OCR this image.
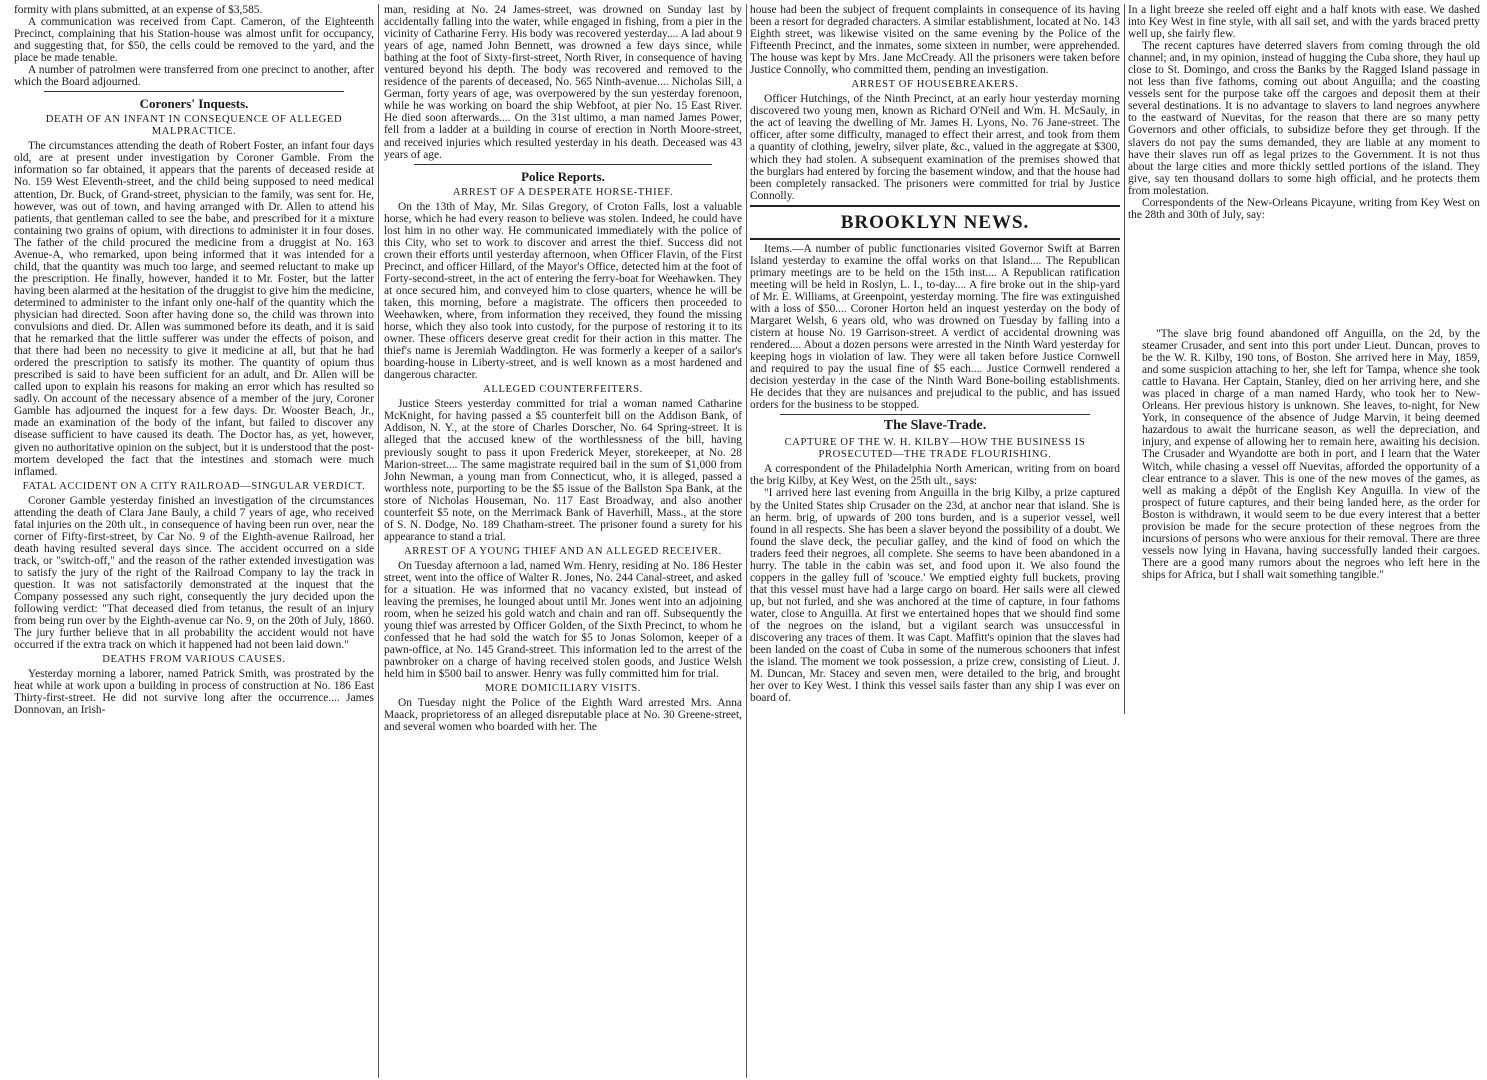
formity with plans submitted, at an expense of $3,585.

A communication was received from Capt. Cameron, of the Eighteenth Precinct, complaining that his Station-house was almost unfit for occupancy, and suggesting that, for $50, the cells could be removed to the yard, and the place be made tenable.

A number of patrolmen were transferred from one precinct to another, after which the Board adjourned.

Coroners' Inquests.
DEATH OF AN INFANT IN CONSEQUENCE OF ALLEGED MALPRACTICE.

The circumstances attending the death of Robert Foster, an infant four days old, are at present under investigation by Coroner Gamble. From the information so far obtained, it appears that the parents of deceased reside at No. 159 West Eleventh-street, and the child being supposed to need medical attention, Dr. Buck, of Grand-street, physician to the family, was sent for. He, however, was out of town, and having arranged with Dr. Allen to attend his patients, that gentleman called to see the babe, and prescribed for it a mixture containing two grains of opium, with directions to administer it in four doses. The father of the child procured the medicine from a druggist at No. 163 Avenue-A, who remarked, upon being informed that it was intended for a child, that the quantity was much too large, and seemed reluctant to make up the prescription. He finally, however, handed it to Mr. Foster, but the latter having been alarmed at the hesitation of the druggist to give him the medicine, determined to administer to the infant only one-half of the quantity which the physician had directed. Soon after having done so, the child was thrown into convulsions and died. Dr. Allen was summoned before its death, and it is said that he remarked that the little sufferer was under the effects of poison, and that there had been no necessity to give it medicine at all, but that he had ordered the prescription to satisfy its mother. The quantity of opium thus prescribed is said to have been sufficient for an adult, and Dr. Allen will be called upon to explain his reasons for making an error which has resulted so sadly. On account of the necessary absence of a member of the jury, Coroner Gamble has adjourned the inquest for a few days. Dr. Wooster Beach, Jr., made an examination of the body of the infant, but failed to discover any disease sufficient to have caused its death. The Doctor has, as yet, however, given no authoritative opinion on the subject, but it is understood that the post-mortem developed the fact that the intestines and stomach were much inflamed.

FATAL ACCIDENT ON A CITY RAILROAD—SINGULAR VERDICT.

Coroner Gamble yesterday finished an investigation of the circumstances attending the death of Clara Jane Bauly, a child 7 years of age, who received fatal injuries on the 20th ult., in consequence of having been run over, near the corner of Fifty-first-street, by Car No. 9 of the Eighth-avenue Railroad, her death having resulted several days since. The accident occurred on a side track, or "switch-off," and the reason of the rather extended investigation was to satisfy the jury of the right of the Railroad Company to lay the track in question. It was not satisfactorily demonstrated at the inquest that the Company possessed any such right, consequently the jury decided upon the following verdict: "That deceased died from tetanus, the result of an injury from being run over by the Eighth-avenue car No. 9, on the 20th of July, 1860. The jury further believe that in all probability the accident would not have occurred if the extra track on which it happened had not been laid down."

DEATHS FROM VARIOUS CAUSES.

Yesterday morning a laborer, named Patrick Smith, was prostrated by the heat while at work upon a building in process of construction at No. 186 East Thirty-first-street. He did not survive long after the occurrence.... James Donnovan, an Irish-

man, residing at No. 24 James-street, was drowned on Sunday last by accidentally falling into the water, while engaged in fishing, from a pier in the vicinity of Catharine Ferry. His body was recovered yesterday.... A lad about 9 years of age, named John Bennett, was drowned a few days since, while bathing at the foot of Sixty-first-street, North River, in consequence of having ventured beyond his depth. The body was recovered and removed to the residence of the parents of deceased, No. 565 Ninth-avenue.... Nicholas Sill, a German, forty years of age, was overpowered by the sun yesterday forenoon, while he was working on board the ship Webfoot, at pier No. 15 East River. He died soon afterwards.... On the 31st ultimo, a man named James Power, fell from a ladder at a building in course of erection in North Moore-street, and received injuries which resulted yesterday in his death. Deceased was 43 years of age.

Police Reports.
ARREST OF A DESPERATE HORSE-THIEF.

On the 13th of May, Mr. Silas Gregory, of Croton Falls, lost a valuable horse, which he had every reason to believe was stolen. Indeed, he could have lost him in no other way. He communicated immediately with the police of this City, who set to work to discover and arrest the thief. Success did not crown their efforts until yesterday afternoon, when Officer Flavin, of the First Precinct, and officer Hillard, of the Mayor's Office, detected him at the foot of Forty-second-street, in the act of entering the ferry-boat for Weehawken. They at once secured him, and conveyed him to close quarters, whence he will be taken, this morning, before a magistrate. The officers then proceeded to Weehawken, where, from information they received, they found the missing horse, which they also took into custody, for the purpose of restoring it to its owner. These officers deserve great credit for their action in this matter. The thief's name is Jeremiah Waddington. He was formerly a keeper of a sailor's boarding-house in Liberty-street, and is well known as a most hardened and dangerous character.

ALLEGED COUNTERFEITERS.

Justice Steers yesterday committed for trial a woman named Catharine McKnight, for having passed a $5 counterfeit bill on the Addison Bank, of Addison, N. Y., at the store of Charles Dorscher, No. 64 Spring-street. It is alleged that the accused knew of the worthlessness of the bill, having previously sought to pass it upon Frederick Meyer, storekeeper, at No. 28 Marion-street.... The same magistrate required bail in the sum of $1,000 from John Newman, a young man from Connecticut, who, it is alleged, passed a worthless note, purporting to be the $5 issue of the Ballston Spa Bank, at the store of Nicholas Houseman, No. 117 East Broadway, and also another counterfeit $5 note, on the Merrimack Bank of Haverhill, Mass., at the store of S. N. Dodge, No. 189 Chatham-street. The prisoner found a surety for his appearance to stand a trial.

ARREST OF A YOUNG THIEF AND AN ALLEGED RECEIVER.

On Tuesday afternoon a lad, named Wm. Henry, residing at No. 186 Hester street, went into the office of Walter R. Jones, No. 244 Canal-street, and asked for a situation. He was informed that no vacancy existed, but instead of leaving the premises, he lounged about until Mr. Jones went into an adjoining room, when he seized his gold watch and chain and ran off. Subsequently the young thief was arrested by Officer Golden, of the Sixth Precinct, to whom he confessed that he had sold the watch for $5 to Jonas Solomon, keeper of a pawn-office, at No. 145 Grand-street. This information led to the arrest of the pawnbroker on a charge of having received stolen goods, and Justice Welsh held him in $500 bail to answer. Henry was fully committed him for trial.

MORE DOMICILIARY VISITS.

On Tuesday night the Police of the Eighth Ward arrested Mrs. Anna Maack, proprietoress of an alleged disreputable place at No. 30 Greene-street, and several women who boarded with her. The

house had been the subject of frequent complaints in consequence of its having been a resort for degraded characters. A similar establishment, located at No. 143 Eighth street, was likewise visited on the same evening by the Police of the Fifteenth Precinct, and the inmates, some sixteen in number, were apprehended. The house was kept by Mrs. Jane McCready. All the prisoners were taken before Justice Connolly, who committed them, pending an investigation.

ARREST OF HOUSEBREAKERS.

Officer Hutchings, of the Ninth Precinct, at an early hour yesterday morning discovered two young men, known as Richard O'Neil and Wm. H. McSauly, in the act of leaving the dwelling of Mr. James H. Lyons, No. 76 Jane-street. The officer, after some difficulty, managed to effect their arrest, and took from them a quantity of clothing, jewelry, silver plate, &c., valued in the aggregate at $300, which they had stolen. A subsequent examination of the premises showed that the burglars had entered by forcing the basement window, and that the house had been completely ransacked. The prisoners were committed for trial by Justice Connolly.

BROOKLYN NEWS.

Items.—A number of public functionaries visited Governor Swift at Barren Island yesterday to examine the offal works on that Island.... The Republican primary meetings are to be held on the 15th inst.... A Republican ratification meeting will be held in Roslyn, L. I., to-day.... A fire broke out in the ship-yard of Mr. E. Williams, at Greenpoint, yesterday morning. The fire was extinguished with a loss of $50.... Coroner Horton held an inquest yesterday on the body of Margaret Welsh, 6 years old, who was drowned on Tuesday by falling into a cistern at house No. 19 Garrison-street. A verdict of accidental drowning was rendered.... About a dozen persons were arrested in the Ninth Ward yesterday for keeping hogs in violation of law. They were all taken before Justice Cornwell and required to pay the usual fine of $5 each.... Justice Cornwell rendered a decision yesterday in the case of the Ninth Ward Bone-boiling establishments. He decides that they are nuisances and prejudical to the public, and has issued orders for the business to be stopped.

The Slave-Trade.
CAPTURE OF THE W. H. KILBY—HOW THE BUSINESS IS PROSECUTED—THE TRADE FLOURISHING.

A correspondent of the Philadelphia North American, writing from on board the brig Kilby, at Key West, on the 25th ult., says:

"I arrived here last evening from Anguilla in the brig Kilby, a prize captured by the United States ship Crusader on the 23d, at anchor near that island. She is an herm. brig, of upwards of 200 tons burden, and is a superior vessel, well found in all respects. She has been a slaver beyond the possibility of a doubt. We found the slave deck, the peculiar galley, and the kind of food on which the traders feed their negroes, all complete. She seems to have been abandoned in a hurry. The table in the cabin was set, and food upon it. We also found the coppers in the galley full of 'scouce.' We emptied eighty full buckets, proving that this vessel must have had a large cargo on board. Her sails were all clewed up, but not furled, and she was anchored at the time of capture, in four fathoms water, close to Anguilla. At first we entertained hopes that we should find some of the negroes on the island, but a vigilant search was unsuccessful in discovering any traces of them. It was Capt. Maffitt's opinion that the slaves had been landed on the coast of Cuba in some of the numerous schooners that infest the island. The moment we took possession, a prize crew, consisting of Lieut. J. M. Duncan, Mr. Stacey and seven men, were detailed to the brig, and brought her over to Key West. I think this vessel sails faster than any ship I was ever on board of.

In a light breeze she reeled off eight and a half knots with ease. We dashed into Key West in fine style, with all sail set, and with the yards braced pretty well up, she fairly flew.

The recent captures have deterred slavers from coming through the old channel; and, in my opinion, instead of hugging the Cuba shore, they haul up close to St. Domingo, and cross the Banks by the Ragged Island passage in not less than five fathoms, coming out about Anguilla; and the coasting vessels sent for the purpose take off the cargoes and deposit them at their several destinations. It is no advantage to slavers to land negroes anywhere to the eastward of Nuevitas, for the reason that there are so many petty Governors and other officials, to subsidize before they get through. If the slavers do not pay the sums demanded, they are liable at any moment to have their slaves run off as legal prizes to the Government. It is not thus about the large cities and more thickly settled portions of the island. They give, say ten thousand dollars to some high official, and he protects them from molestation.

Correspondents of the New-Orleans Picayune, writing from Key West on the 28th and 30th of July, say:

"The slave brig found abandoned off Anguilla, on the 2d, by the steamer Crusader, and sent into this port under Lieut. Duncan, proves to be the W. R. Kilby, 190 tons, of Boston. She arrived here in May, 1859, and some suspicion attaching to her, she left for Tampa, whence she took cattle to Havana. Her Captain, Stanley, died on her arriving here, and she was placed in charge of a man named Hardy, who took her to New-Orleans. Her previous history is unknown. She leaves, to-night, for New York, in consequence of the absence of Judge Marvin, it being deemed hazardous to await the hurricane season, as well the depreciation, and injury, and expense of allowing her to remain here, awaiting his decision. The Crusader and Wyandotte are both in port, and I learn that the Water Witch, while chasing a vessel off Nuevitas, afforded the opportunity of a clear entrance to a slaver. This is one of the new moves of the games, as well as making a dépôt of the English Key Anguilla. In view of the prospect of future captures, and their being landed here, as the order for Boston is withdrawn, it would seem to be due every interest that a better provision be made for the secure protection of these negroes from the incursions of persons who were anxious for their removal. There are three vessels now lying in Havana, having successfully landed their cargoes. There are a good many rumors about the negroes who left here in the ships for Africa, but I shall wait something tangible."
